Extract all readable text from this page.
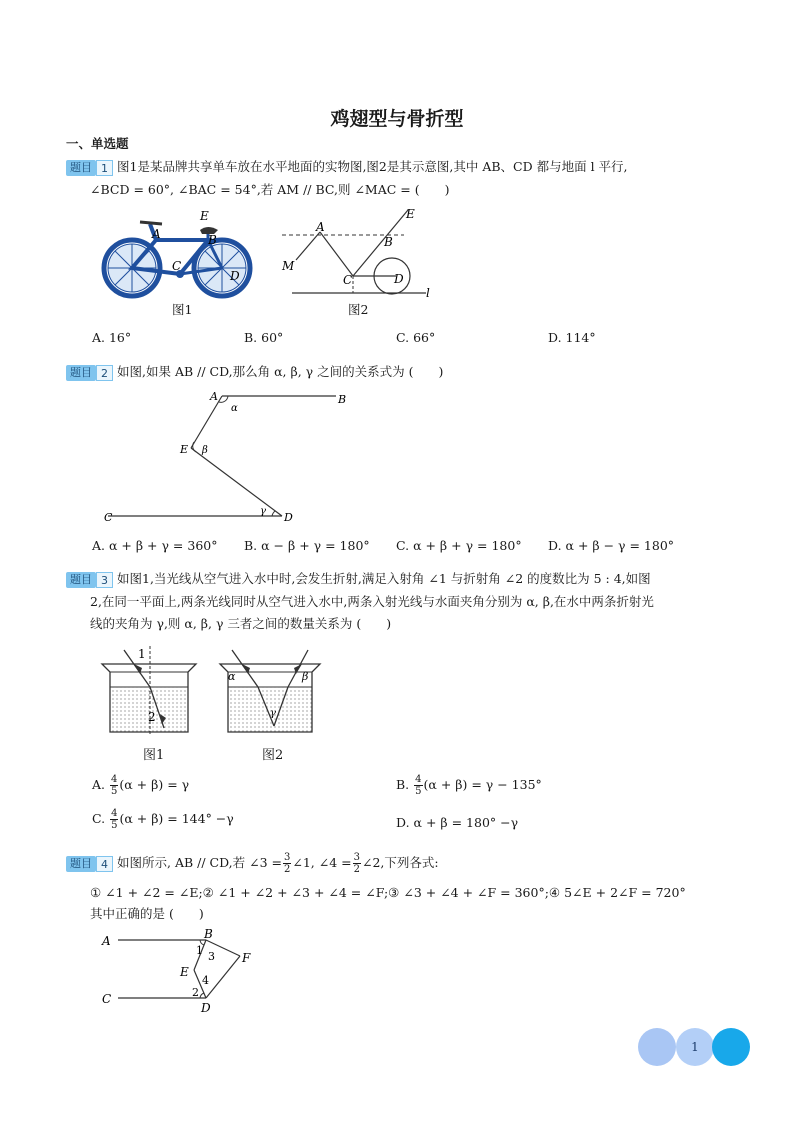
鸡翅型与骨折型
一、单选题
题目 1 图1是某品牌共享单车放在水平地面的实物图,图2是其示意图,其中 AB、CD 都与地面 l 平行,
∠BCD = 60°, ∠BAC = 54°,若 AM // BC,则 ∠MAC = (　　)
A
E
B
C
D
图1
A
M
B
E
C	D
l
图2
A. 16°	B. 60°	C. 66°	D. 114°
题目 2 如图,如果 AB // CD,那么角 α, β, γ 之间的关系式为 (　　)
A	B
E
C	D
α
β
γ
A. α + β + γ = 360° B. α − β + γ = 180° C. α + β + γ = 180° D. α + β − γ = 180°
题目 3 如图1,当光线从空气进入水中时,会发生折射,满足入射角 ∠1 与折射角 ∠2 的度数比为 5 : 4,如图
2,在同一平面上,两条光线同时从空气进入水中,两条入射光线与水面夹角分别为 α, β,在水中两条折射光
线的夹角为 γ,则 α, β, γ 三者之间的数量关系为 (　　)
1
2
图1
α	β
γ
图2
A. $\frac{4}{5} (\alpha + \beta) = \gamma$	B. $\frac{4}{5} (\alpha + \beta) = \gamma - 135^\circ$
C. $\frac{4}{5} (\alpha + \beta) = 144^\circ -\gamma$	D. α + β = 180° −γ
题目 4 如图所示, AB // CD,若 ∠3 = $\frac{3}{2}$ ∠1, ∠4 = $\frac{3}{2}$ ∠2,下列各式:
① ∠1 + ∠2 = ∠E;② ∠1 + ∠2 + ∠3 + ∠4 = ∠F;③ ∠3 + ∠4 + ∠F = 360°;④ 5∠E + 2∠F = 720°
其中正确的是 (　　)
A	B
C
D
E
F
1 3
2
4
1
